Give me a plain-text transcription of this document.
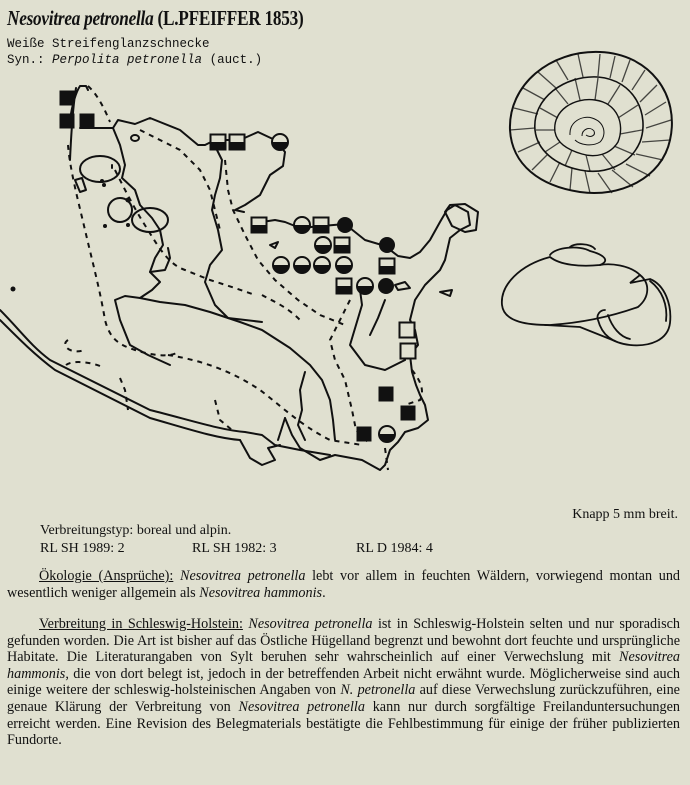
Nesovitrea petronella (L.PFEIFFER 1853)
Weiße Streifenglanzschnecke
Syn.: Perpolita petronella (auct.)
Knapp 5 mm breit.
Verbreitungstyp: boreal und alpin.
RL SH 1989: 2	RL SH 1982: 3	RL D 1984: 4
Ökologie (Ansprüche): Nesovitrea petronella lebt vor allem in feuchten Wäldern, vorwiegend montan und wesentlich weniger allgemein als Nesovitrea hammonis.
Verbreitung in Schleswig-Holstein: Nesovitrea petronella ist in Schleswig-Holstein selten und nur sporadisch gefunden worden. Die Art ist bisher auf das Östliche Hügelland begrenzt und bewohnt dort feuchte und ursprüngliche Habitate. Die Literaturangaben von Sylt beruhen sehr wahrscheinlich auf einer Verwechslung mit Nesovitrea hammonis, die von dort belegt ist, jedoch in der betreffenden Arbeit nicht erwähnt wurde. Möglicherweise sind auch einige weitere der schleswig-holsteinischen Angaben von N. petronella auf diese Verwechslung zurückzuführen, eine genaue Klärung der Verbreitung von Nesovitrea petronella kann nur durch sorgfältige Freilanduntersuchungen erreicht werden. Eine Revision des Belegmaterials bestätigte die Fehlbestimmung für einige der früher publizierten Fundorte.
